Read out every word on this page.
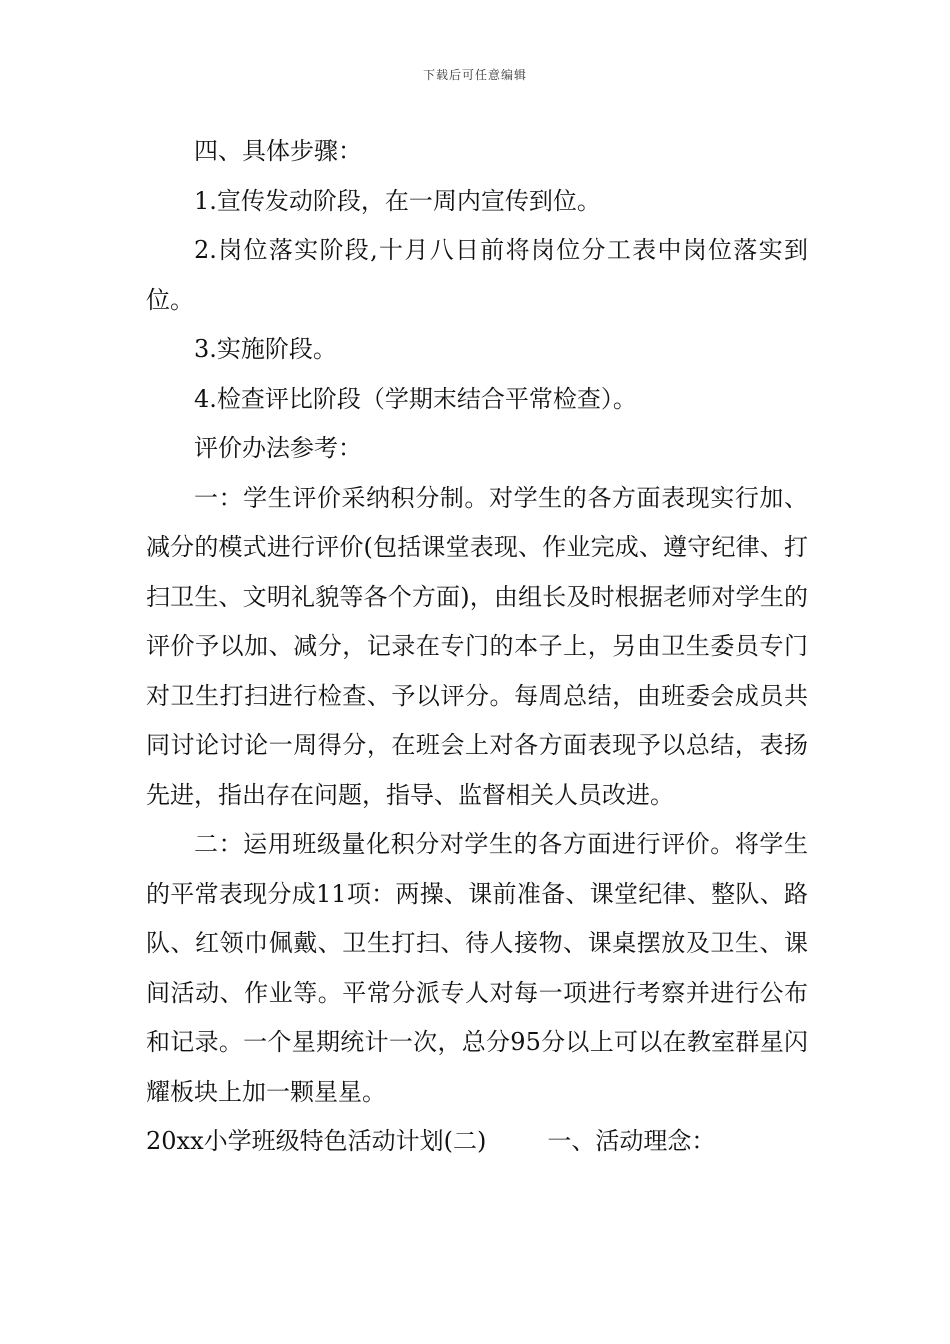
下载后可任意编辑

四、具体步骤：

1.宣传发动阶段，在一周内宣传到位。

2.岗位落实阶段,十月八日前将岗位分工表中岗位落实到位。

3.实施阶段。

4.检查评比阶段（学期末结合平常检查）。

评价办法参考：

一：学生评价采纳积分制。对学生的各方面表现实行加、减分的模式进行评价(包括课堂表现、作业完成、遵守纪律、打扫卫生、文明礼貌等各个方面)，由组长及时根据老师对学生的评价予以加、减分，记录在专门的本子上，另由卫生委员专门对卫生打扫进行检查、予以评分。每周总结，由班委会成员共同讨论讨论一周得分，在班会上对各方面表现予以总结，表扬先进，指出存在问题，指导、监督相关人员改进。

二：运用班级量化积分对学生的各方面进行评价。将学生的平常表现分成11项：两操、课前准备、课堂纪律、整队、路队、红领巾佩戴、卫生打扫、待人接物、课桌摆放及卫生、课间活动、作业等。平常分派专人对每一项进行考察并进行公布和记录。一个星期统计一次，总分95分以上可以在教室群星闪耀板块上加一颗星星。

20xx小学班级特色活动计划(二)	一、活动理念：
